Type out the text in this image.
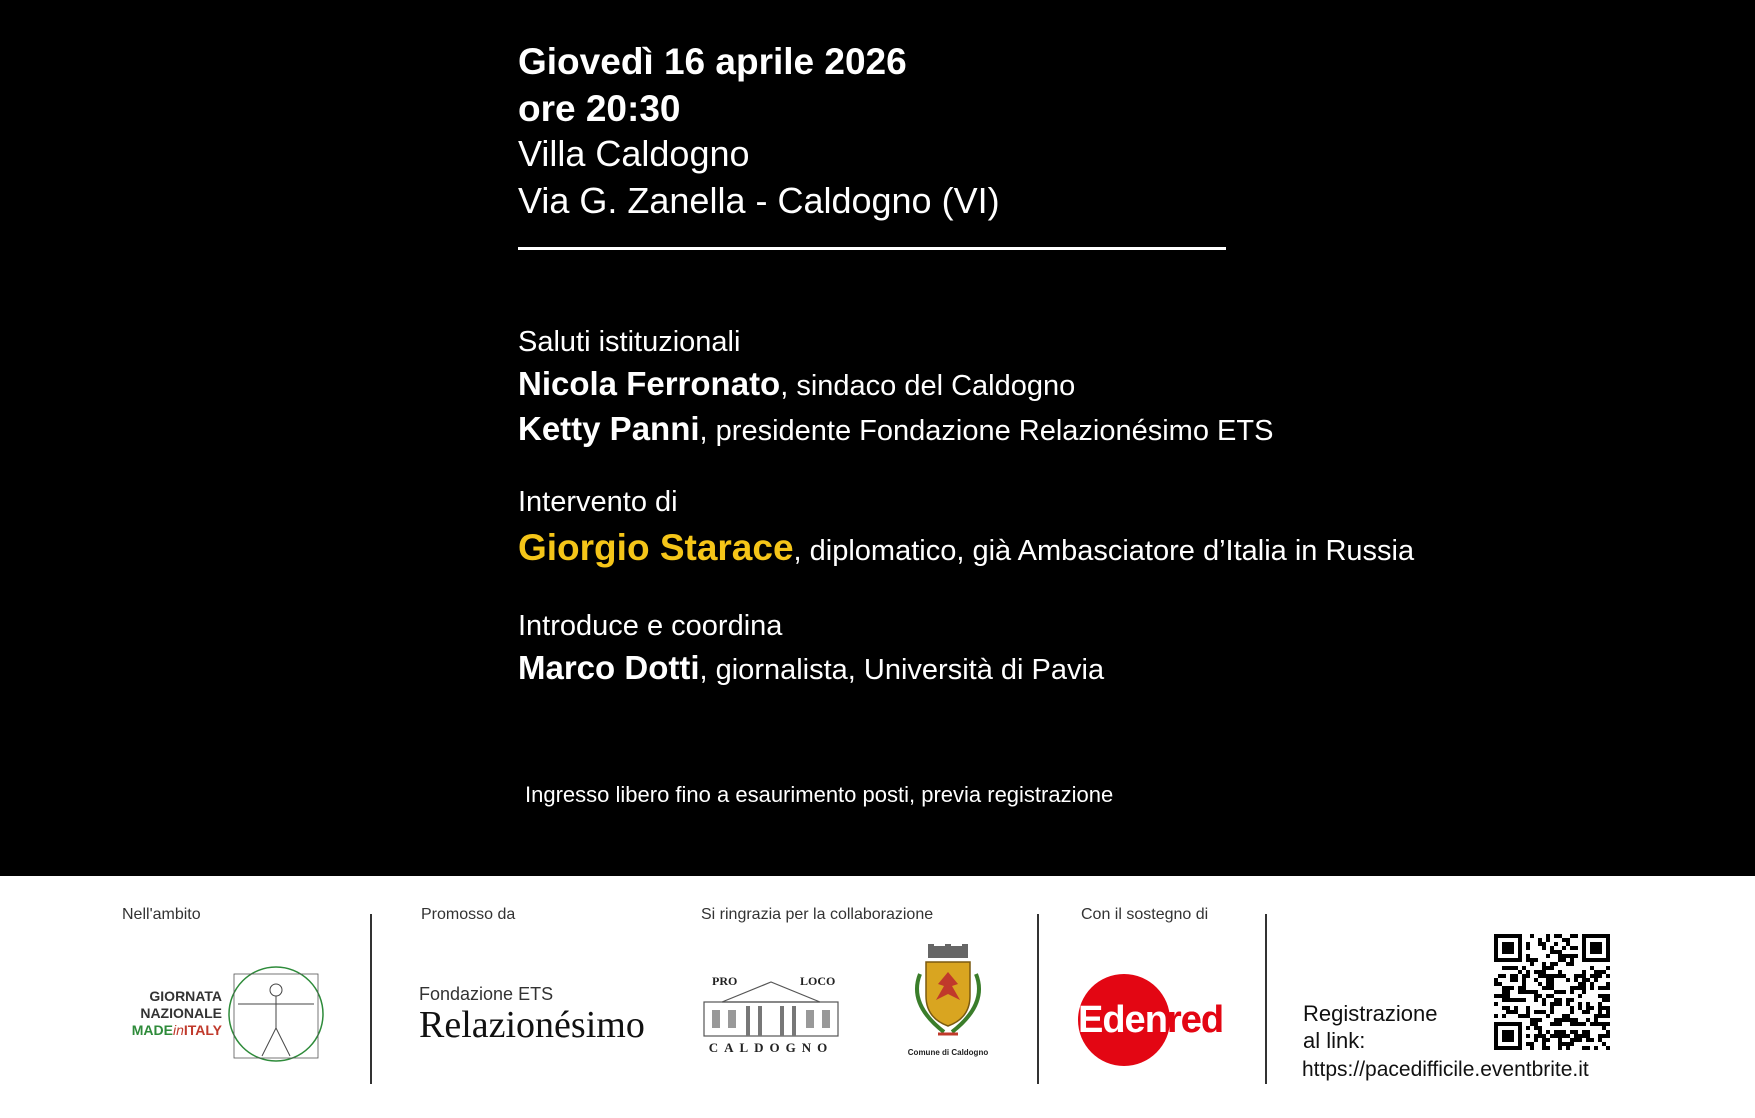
Giovedì 16 aprile 2026
ore 20:30
Villa Caldogno
Via G. Zanella - Caldogno (VI)
Saluti istituzionali
Nicola Ferronato, sindaco del Caldogno
Ketty Panni, presidente Fondazione Relazionésimo ETS
Intervento di
Giorgio Starace, diplomatico, già Ambasciatore d’Italia in Russia
Introduce e coordina
Marco Dotti, giornalista, Università di Pavia
Ingresso libero fino a esaurimento posti, previa registrazione
Nell'ambito	Promosso da	Si ringrazia per la collaborazione	Con il sostegno di
GIORNATA
NAZIONALE
MADEinITALY
Fondazione ETS
Relazionésimo
PRO	LOCO
CALDOGNO	Comune di Caldogno
Edenred	Registrazione
al link:
https://pacedifficile.eventbrite.it
